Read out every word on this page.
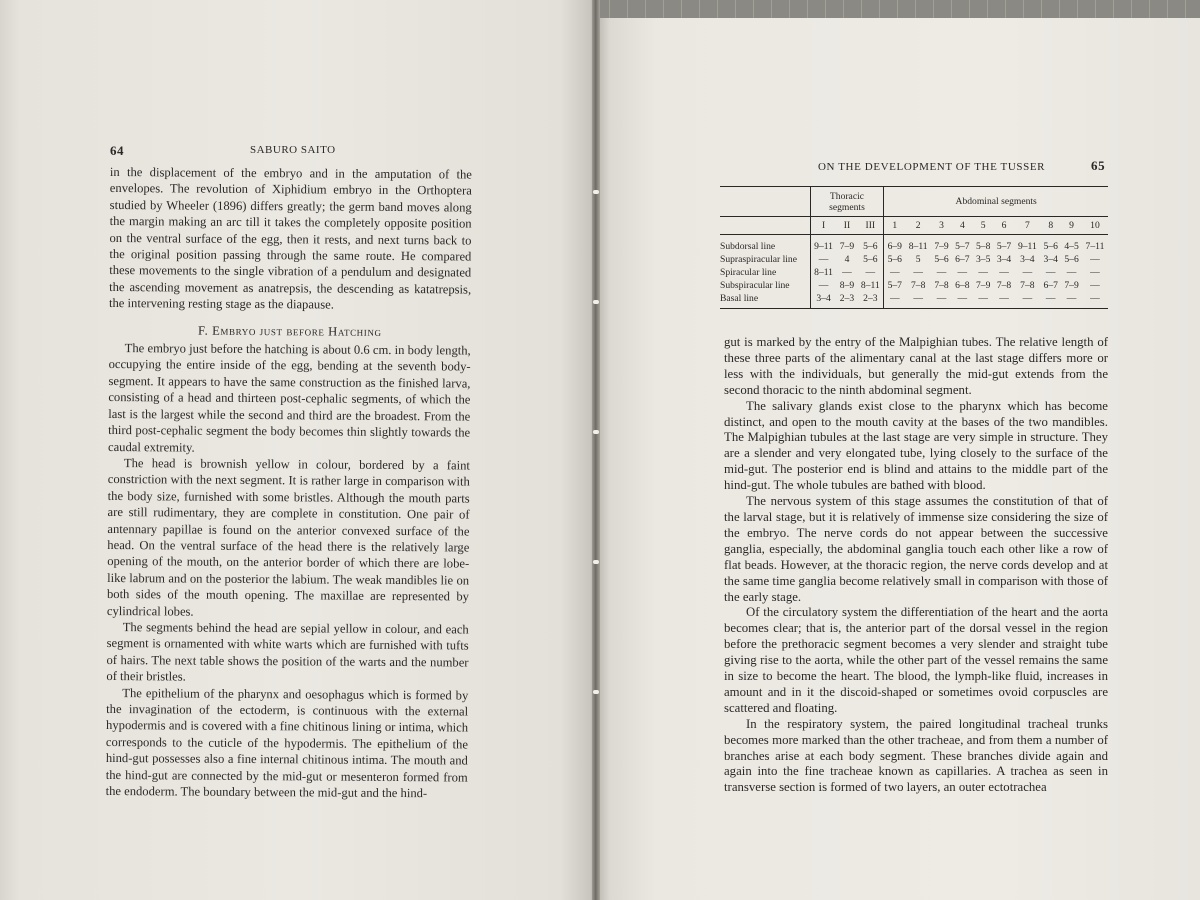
64	SABURO SAITO

in the displacement of the embryo and in the amputation of the envelopes. The revolution of Xiphidium embryo in the Orthoptera studied by Wheeler (1896) differs greatly; the germ band moves along the margin making an arc till it takes the completely opposite position on the ventral surface of the egg, then it rests, and next turns back to the original position passing through the same route. He compared these movements to the single vibration of a pendulum and designated the ascending movement as anatrepsis, the descending as katatrepsis, the intervening resting stage as the diapause.

F. Embryo just before Hatching

The embryo just before the hatching is about 0.6 cm. in body length, occupying the entire inside of the egg, bending at the seventh body-segment. It appears to have the same construction as the finished larva, consisting of a head and thirteen post-cephalic segments, of which the last is the largest while the second and third are the broadest. From the third post-cephalic segment the body becomes thin slightly towards the caudal extremity.

The head is brownish yellow in colour, bordered by a faint constriction with the next segment. It is rather large in comparison with the body size, furnished with some bristles. Although the mouth parts are still rudimentary, they are complete in constitution. One pair of antennary papillae is found on the anterior convexed surface of the head. On the ventral surface of the head there is the relatively large opening of the mouth, on the anterior border of which there are lobe-like labrum and on the posterior the labium. The weak mandibles lie on both sides of the mouth opening. The maxillae are represented by cylindrical lobes.

The segments behind the head are sepial yellow in colour, and each segment is ornamented with white warts which are furnished with tufts of hairs. The next table shows the position of the warts and the number of their bristles.

The epithelium of the pharynx and oesophagus which is formed by the invagination of the ectoderm, is continuous with the external hypodermis and is covered with a fine chitinous lining or intima, which corresponds to the cuticle of the hypodermis. The epithelium of the hind-gut possesses also a fine internal chitinous intima. The mouth and the hind-gut are connected by the mid-gut or mesenteron formed from the endoderm. The boundary between the mid-gut and the hind-

ON THE DEVELOPMENT OF THE TUSSER	65
	Thoracic segments			Abdominal segments									
	I	II	III	1	2	3	4	5	6	7	8	9	10
Subdorsal line	9–11	7–9	5–6	6–9	8–11	7–9	5–7	5–8	5–7	9–11	5–6	4–5	7–11
Supraspiracular line	—	4	5–6	5–6	5	5–6	6–7	3–5	3–4	3–4	3–4	5–6	—
Spiracular line	8–11	—	—	—	—	—	—	—	—	—	—	—	—
Subspiracular line	—	8–9	8–11	5–7	7–8	7–8	6–8	7–9	7–8	7–8	6–7	7–9	—
Basal line	3–4	2–3	2–3	—	—	—	—	—	—	—	—	—	—

gut is marked by the entry of the Malpighian tubes. The relative length of these three parts of the alimentary canal at the last stage differs more or less with the individuals, but generally the mid-gut extends from the second thoracic to the ninth abdominal segment.

The salivary glands exist close to the pharynx which has become distinct, and open to the mouth cavity at the bases of the two mandibles. The Malpighian tubules at the last stage are very simple in structure. They are a slender and very elongated tube, lying closely to the surface of the mid-gut. The posterior end is blind and attains to the middle part of the hind-gut. The whole tubules are bathed with blood.

The nervous system of this stage assumes the constitution of that of the larval stage, but it is relatively of immense size considering the size of the embryo. The nerve cords do not appear between the successive ganglia, especially, the abdominal ganglia touch each other like a row of flat beads. However, at the thoracic region, the nerve cords develop and at the same time ganglia become relatively small in comparison with those of the early stage.

Of the circulatory system the differentiation of the heart and the aorta becomes clear; that is, the anterior part of the dorsal vessel in the region before the prethoracic segment becomes a very slender and straight tube giving rise to the aorta, while the other part of the vessel remains the same in size to become the heart. The blood, the lymph-like fluid, increases in amount and in it the discoid-shaped or sometimes ovoid corpuscles are scattered and floating.

In the respiratory system, the paired longitudinal tracheal trunks becomes more marked than the other tracheae, and from them a number of branches arise at each body segment. These branches divide again and again into the fine tracheae known as capillaries. A trachea as seen in transverse section is formed of two layers, an outer ectotrachea
